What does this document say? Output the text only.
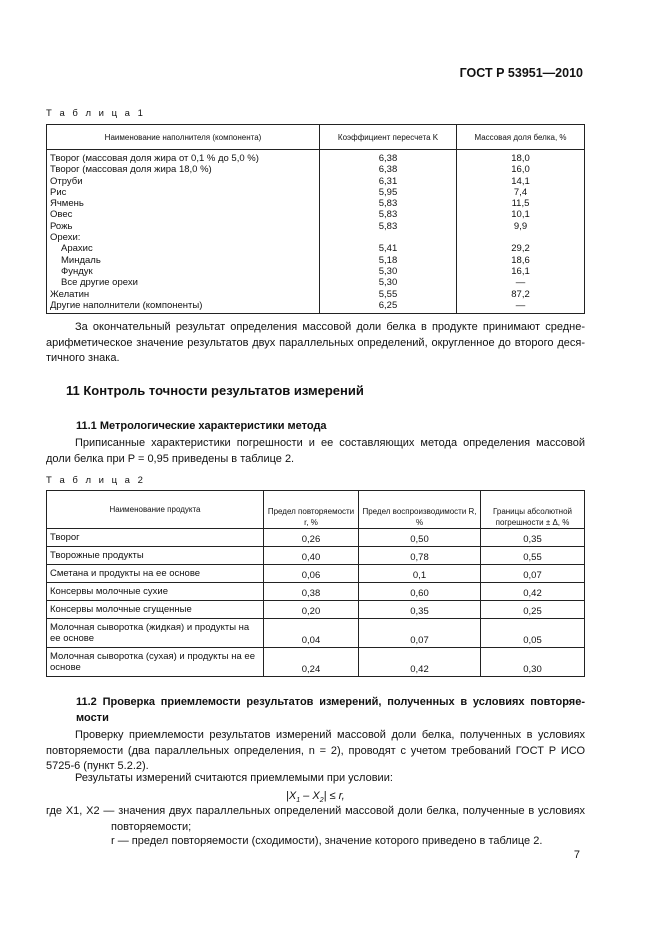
ГОСТ Р 53951—2010
Т а б л и ц а 1
Наименование наполнителя (компонента)	Коэффициент пересчета K	Массовая доля белка, %
Творог (массовая доля жира от 0,1 % до 5,0 %)	6,38	18,0
Творог (массовая доля жира 18,0 %)	6,38	16,0
Отруби	6,31	14,1
Рис	5,95	7,4
Ячмень	5,83	11,5
Овес	5,83	10,1
Рожь	5,83	9,9
Орехи:		
Арахис	5,41	29,2
Миндаль	5,18	18,6
Фундук	5,30	16,1
Все другие орехи	5,30	—
Желатин	5,55	87,2
Другие наполнители (компоненты)	6,25	—
За окончательный результат определения массовой доли белка в продукте принимают средне-арифметическое значение результатов двух параллельных определений, округленное до второго деся-тичного знака.
11 Контроль точности результатов измерений
11.1 Метрологические характеристики метода
Приписанные характеристики погрешности и ее составляющих метода определения массовой доли белка при P = 0,95 приведены в таблице 2.
Т а б л и ц а 2
Наименование продукта	Предел повторяемости r, %	Предел воспроизводимости R, %	Границы абсолютной погрешности ± Δ, %
Творог	0,26	0,50	0,35
Творожные продукты	0,40	0,78	0,55
Сметана и продукты на ее основе	0,06	0,1	0,07
Консервы молочные сухие	0,38	0,60	0,42
Консервы молочные сгущенные	0,20	0,35	0,25
Молочная сыворотка (жидкая) и продукты на ее основе	0,04	0,07	0,05
Молочная сыворотка (сухая) и продукты на ее основе	0,24	0,42	0,30
11.2 Проверка приемлемости результатов измерений, полученных в условиях повторяе-мости
Проверку приемлемости результатов измерений массовой доли белка, полученных в условиях повторяемости (два параллельных определения, n = 2), проводят с учетом требований ГОСТ Р ИСО 5725-6 (пункт 5.2.2).
Результаты измерений считаются приемлемыми при условии:
$|X_1 - X_2| \le r$,
где X1, X2 — значения двух параллельных определений массовой доли белка, полученные в условиях повторяемости;
r — предел повторяемости (сходимости), значение которого приведено в таблице 2.
7
